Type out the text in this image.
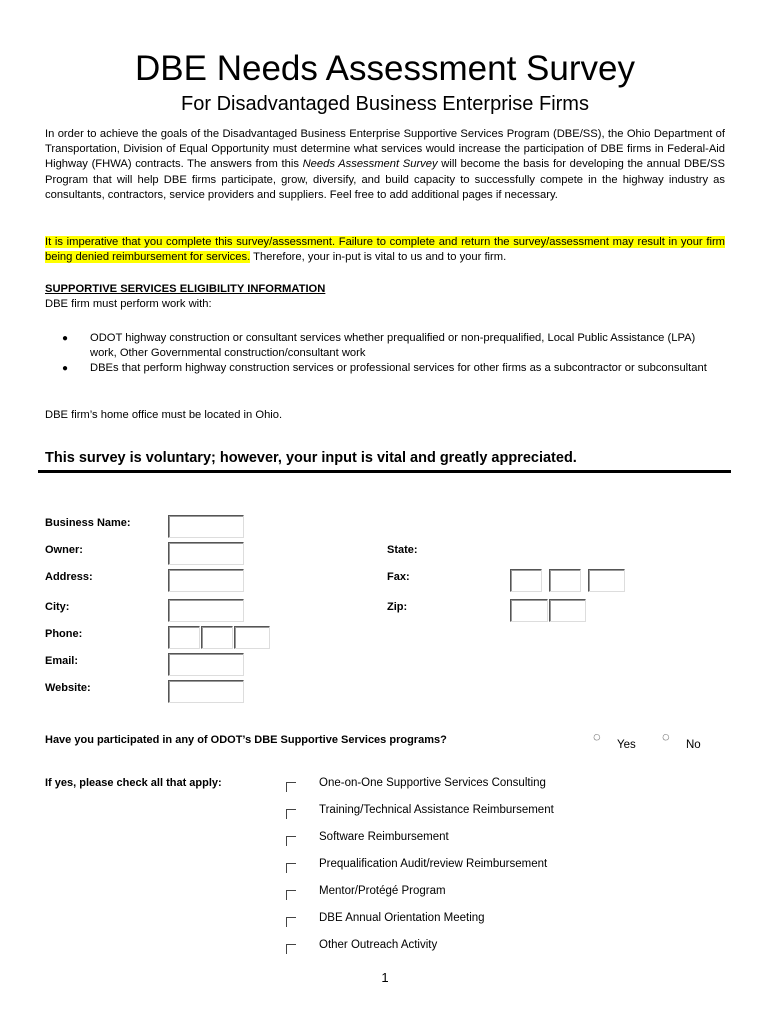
DBE Needs Assessment Survey
For Disadvantaged Business Enterprise Firms
In order to achieve the goals of the Disadvantaged Business Enterprise Supportive Services Program (DBE/SS), the Ohio Department of Transportation, Division of Equal Opportunity must determine what services would increase the participation of DBE firms in Federal-Aid Highway (FHWA) contracts. The answers from this Needs Assessment Survey will become the basis for developing the annual DBE/SS Program that will help DBE firms participate, grow, diversify, and build capacity to successfully compete in the highway industry as consultants, contractors, service providers and suppliers. Feel free to add additional pages if necessary.
It is imperative that you complete this survey/assessment. Failure to complete and return the survey/assessment may result in your firm being denied reimbursement for services. Therefore, your in-put is vital to us and to your firm.
SUPPORTIVE SERVICES ELIGIBILITY INFORMATION
DBE firm must perform work with:
●	ODOT highway construction or consultant services whether prequalified or non-prequalified, Local Public Assistance (LPA) work, Other Governmental construction/consultant work
●	DBEs that perform highway construction services or professional services for other firms as a subcontractor or subconsultant
DBE firm’s home office must be located in Ohio.
This survey is voluntary; however, your input is vital and greatly appreciated.
Business Name:
Owner:
Address:
City:
Phone:
Email:
Website:
State:
Fax:
Zip:
Have you participated in any of ODOT’s DBE Supportive Services programs?	◌
Yes
◌
No
If yes, please check all that apply:	One-on-One Supportive Services Consulting
Training/Technical Assistance Reimbursement
Software Reimbursement
Prequalification Audit/review Reimbursement
Mentor/Protégé Program
DBE Annual Orientation Meeting
Other Outreach Activity
1
